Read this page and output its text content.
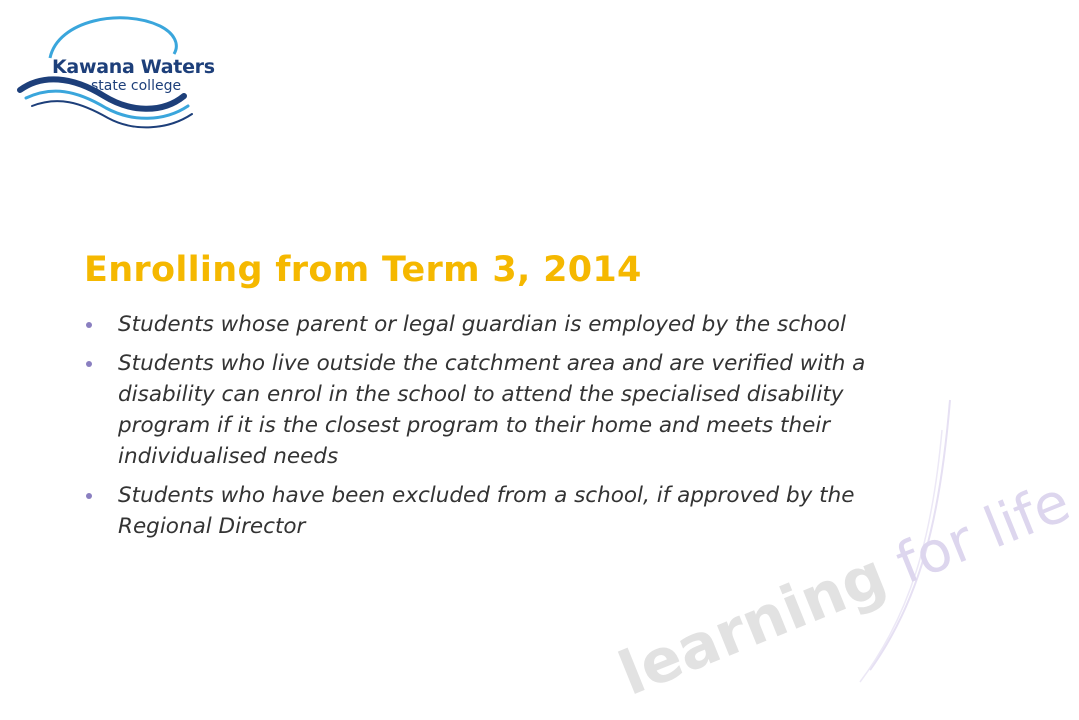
Kawana Waters
state college
learning for life
Enrolling from Term 3, 2014
Students whose parent or legal guardian is employed by the school
Students who live outside the catchment area and are verified with a disability can enrol in the school to attend the specialised disability program if it is the closest program to their home and meets their individualised needs
Students who have been excluded from a school, if approved by the Regional Director
